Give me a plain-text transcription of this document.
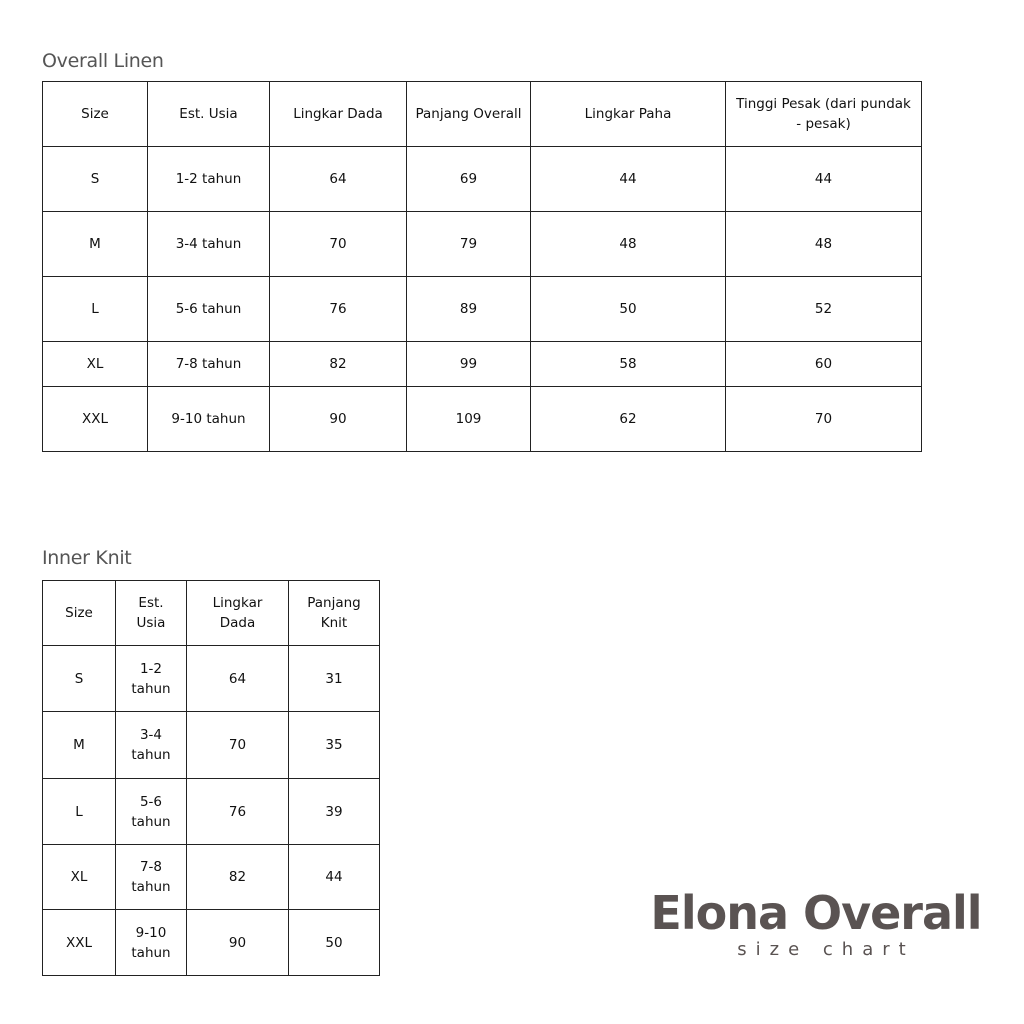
Overall Linen
Size	Est. Usia	Lingkar Dada	Panjang Overall	Lingkar Paha	Tinggi Pesak (dari pundak - pesak)
S	1-2 tahun	64	69	44	44
M	3-4 tahun	70	79	48	48
L	5-6 tahun	76	89	50	52
XL	7-8 tahun	82	99	58	60
XXL	9-10 tahun	90	109	62	70
Inner Knit
Size	Est. Usia	Lingkar Dada	Panjang Knit
S	1-2 tahun	64	31
M	3-4 tahun	70	35
L	5-6 tahun	76	39
XL	7-8 tahun	82	44
XXL	9-10 tahun	90	50
Elona Overall
size chart
